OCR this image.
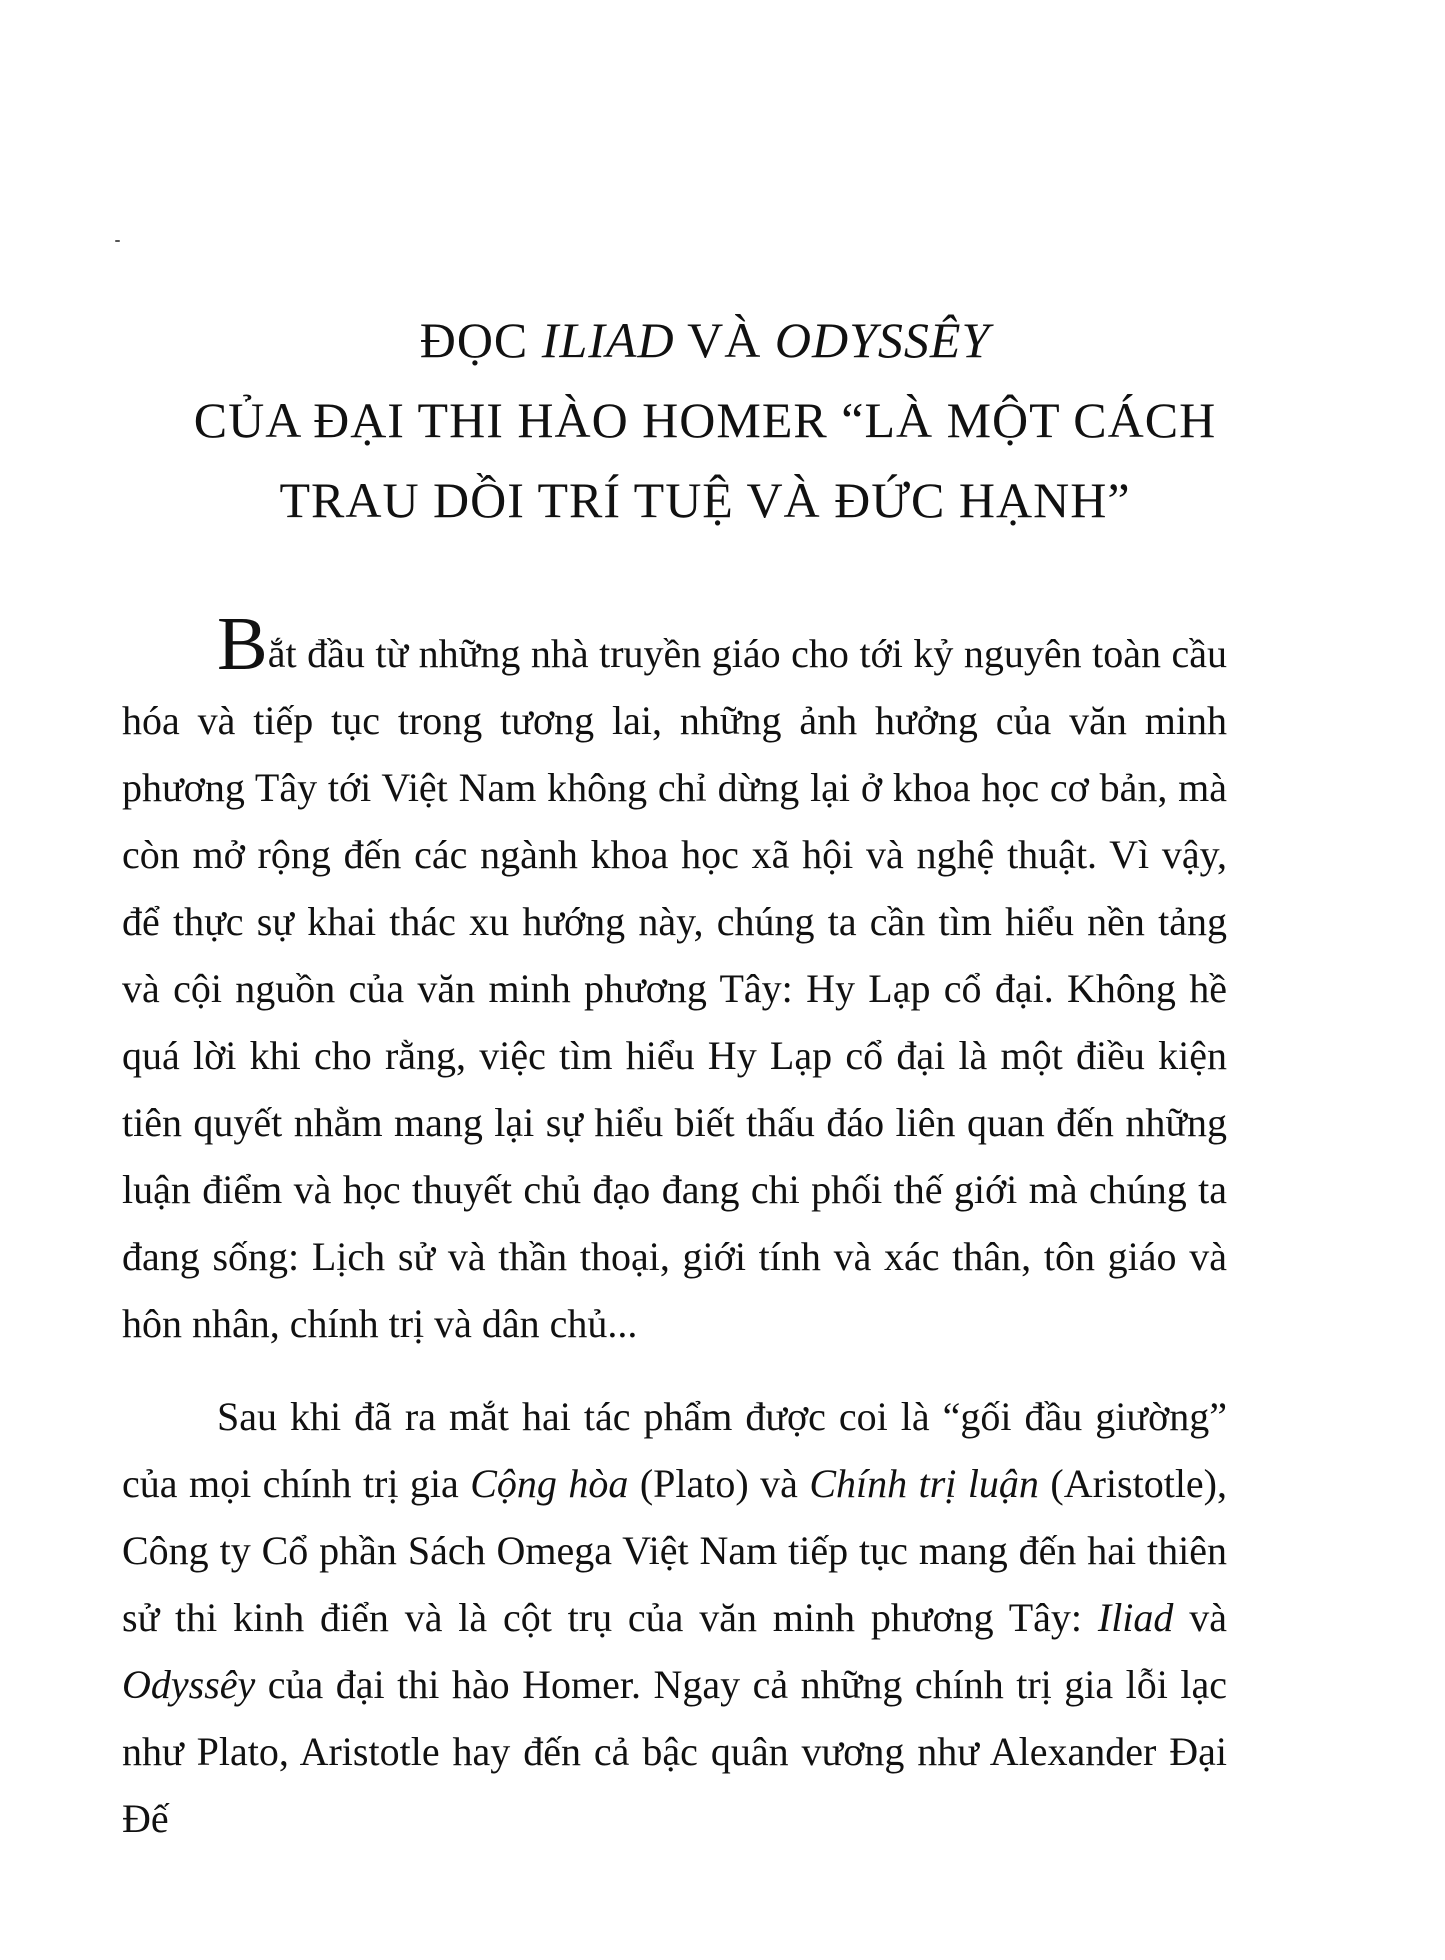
ĐỌC ILIAD VÀ ODYSSÊY
CỦA ĐẠI THI HÀO HOMER “LÀ MỘT CÁCH
TRAU DỒI TRÍ TUỆ VÀ ĐỨC HẠNH”

Bắt đầu từ những nhà truyền giáo cho tới kỷ nguyên toàn cầu hóa và tiếp tục trong tương lai, những ảnh hưởng của văn minh phương Tây tới Việt Nam không chỉ dừng lại ở khoa học cơ bản, mà còn mở rộng đến các ngành khoa học xã hội và nghệ thuật. Vì vậy, để thực sự khai thác xu hướng này, chúng ta cần tìm hiểu nền tảng và cội nguồn của văn minh phương Tây: Hy Lạp cổ đại. Không hề quá lời khi cho rằng, việc tìm hiểu Hy Lạp cổ đại là một điều kiện tiên quyết nhằm mang lại sự hiểu biết thấu đáo liên quan đến những luận điểm và học thuyết chủ đạo đang chi phối thế giới mà chúng ta đang sống: Lịch sử và thần thoại, giới tính và xác thân, tôn giáo và hôn nhân, chính trị và dân chủ...

Sau khi đã ra mắt hai tác phẩm được coi là “gối đầu giường” của mọi chính trị gia Cộng hòa (Plato) và Chính trị luận (Aristotle), Công ty Cổ phần Sách Omega Việt Nam tiếp tục mang đến hai thiên sử thi kinh điển và là cột trụ của văn minh phương Tây: Iliad và Odyssêy của đại thi hào Homer. Ngay cả những chính trị gia lỗi lạc như Plato, Aristotle hay đến cả bậc quân vương như Alexander Đại Đế
